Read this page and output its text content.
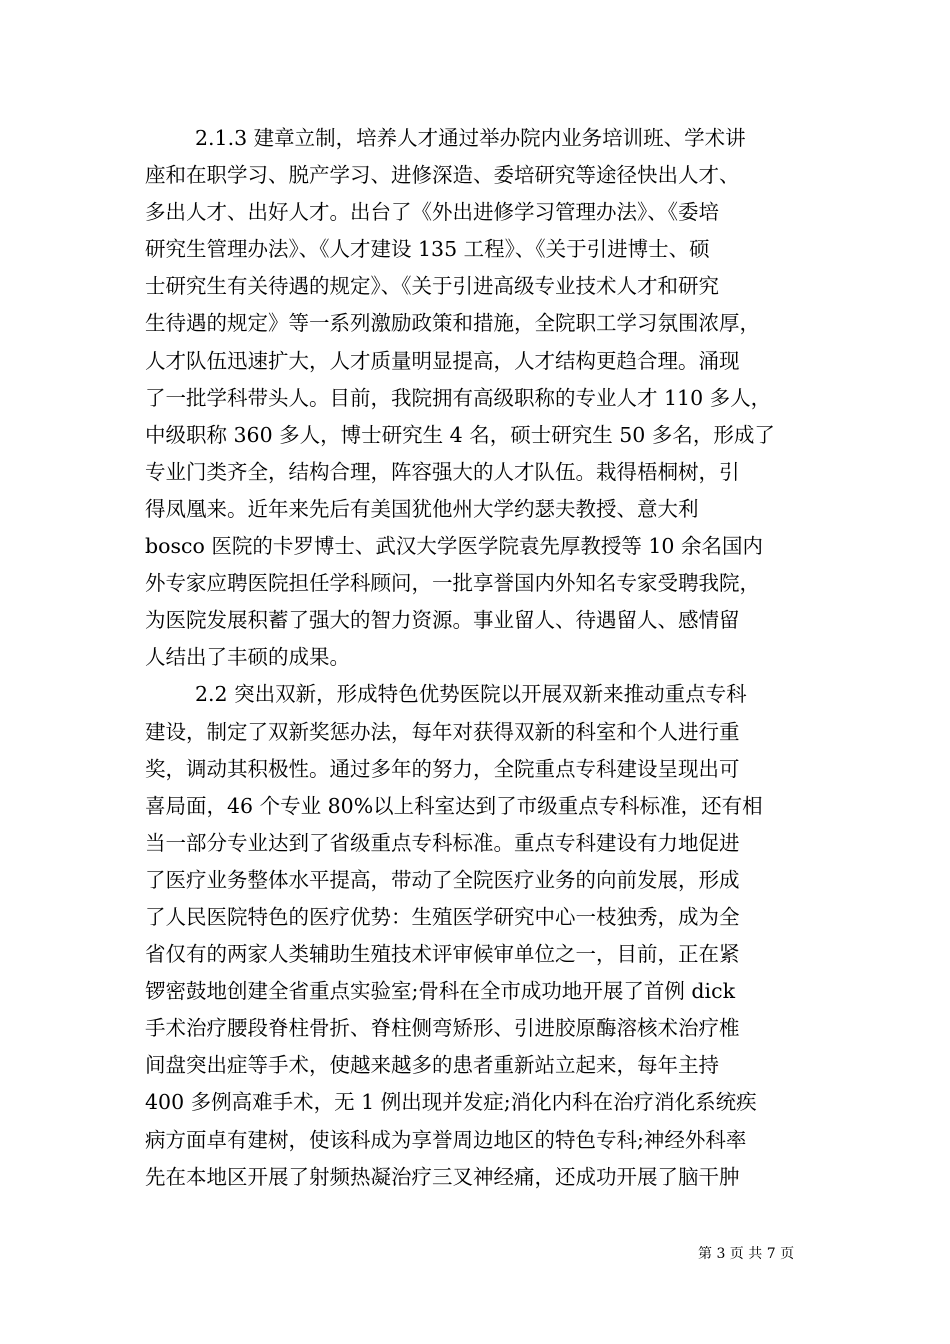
2.1.3 建章立制，培养人才通过举办院内业务培训班、学术讲
座和在职学习、脱产学习、进修深造、委培研究等途径快出人才、
多出人才、出好人才。出台了《外出进修学习管理办法》、《委培
研究生管理办法》、《人才建设 135 工程》、《关于引进博士、硕
士研究生有关待遇的规定》、《关于引进高级专业技术人才和研究
生待遇的规定》等一系列激励政策和措施，全院职工学习氛围浓厚，
人才队伍迅速扩大，人才质量明显提高，人才结构更趋合理。涌现
了一批学科带头人。目前，我院拥有高级职称的专业人才 110 多人，
中级职称 360 多人，博士研究生 4 名，硕士研究生 50 多名，形成了
专业门类齐全，结构合理，阵容强大的人才队伍。栽得梧桐树，引
得凤凰来。近年来先后有美国犹他州大学约瑟夫教授、意大利
bosco 医院的卡罗博士、武汉大学医学院袁先厚教授等 10 余名国内
外专家应聘医院担任学科顾问，一批享誉国内外知名专家受聘我院，
为医院发展积蓄了强大的智力资源。事业留人、待遇留人、感情留
人结出了丰硕的成果。
2.2 突出双新，形成特色优势医院以开展双新来推动重点专科
建设，制定了双新奖惩办法，每年对获得双新的科室和个人进行重
奖，调动其积极性。通过多年的努力，全院重点专科建设呈现出可
喜局面，46 个专业 80%以上科室达到了市级重点专科标准，还有相
当一部分专业达到了省级重点专科标准。重点专科建设有力地促进
了医疗业务整体水平提高，带动了全院医疗业务的向前发展，形成
了人民医院特色的医疗优势：生殖医学研究中心一枝独秀，成为全
省仅有的两家人类辅助生殖技术评审候审单位之一，目前，正在紧
锣密鼓地创建全省重点实验室;骨科在全市成功地开展了首例 dick
手术治疗腰段脊柱骨折、脊柱侧弯矫形、引进胶原酶溶核术治疗椎
间盘突出症等手术，使越来越多的患者重新站立起来，每年主持
400 多例高难手术，无 1 例出现并发症;消化内科在治疗消化系统疾
病方面卓有建树，使该科成为享誉周边地区的特色专科;神经外科率
先在本地区开展了射频热凝治疗三叉神经痛，还成功开展了脑干肿
第 3 页 共 7 页
